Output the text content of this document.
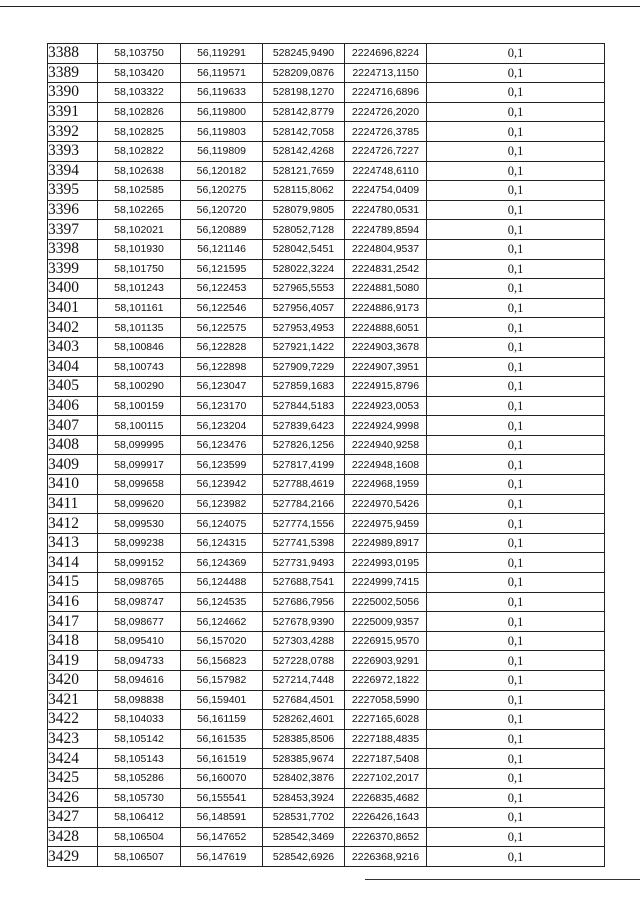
3388	58,103750	56,119291	528245,9490	2224696,8224	0,1
3389	58,103420	56,119571	528209,0876	2224713,1150	0,1
3390	58,103322	56,119633	528198,1270	2224716,6896	0,1
3391	58,102826	56,119800	528142,8779	2224726,2020	0,1
3392	58,102825	56,119803	528142,7058	2224726,3785	0,1
3393	58,102822	56,119809	528142,4268	2224726,7227	0,1
3394	58,102638	56,120182	528121,7659	2224748,6110	0,1
3395	58,102585	56,120275	528115,8062	2224754,0409	0,1
3396	58,102265	56,120720	528079,9805	2224780,0531	0,1
3397	58,102021	56,120889	528052,7128	2224789,8594	0,1
3398	58,101930	56,121146	528042,5451	2224804,9537	0,1
3399	58,101750	56,121595	528022,3224	2224831,2542	0,1
3400	58,101243	56,122453	527965,5553	2224881,5080	0,1
3401	58,101161	56,122546	527956,4057	2224886,9173	0,1
3402	58,101135	56,122575	527953,4953	2224888,6051	0,1
3403	58,100846	56,122828	527921,1422	2224903,3678	0,1
3404	58,100743	56,122898	527909,7229	2224907,3951	0,1
3405	58,100290	56,123047	527859,1683	2224915,8796	0,1
3406	58,100159	56,123170	527844,5183	2224923,0053	0,1
3407	58,100115	56,123204	527839,6423	2224924,9998	0,1
3408	58,099995	56,123476	527826,1256	2224940,9258	0,1
3409	58,099917	56,123599	527817,4199	2224948,1608	0,1
3410	58,099658	56,123942	527788,4619	2224968,1959	0,1
3411	58,099620	56,123982	527784,2166	2224970,5426	0,1
3412	58,099530	56,124075	527774,1556	2224975,9459	0,1
3413	58,099238	56,124315	527741,5398	2224989,8917	0,1
3414	58,099152	56,124369	527731,9493	2224993,0195	0,1
3415	58,098765	56,124488	527688,7541	2224999,7415	0,1
3416	58,098747	56,124535	527686,7956	2225002,5056	0,1
3417	58,098677	56,124662	527678,9390	2225009,9357	0,1
3418	58,095410	56,157020	527303,4288	2226915,9570	0,1
3419	58,094733	56,156823	527228,0788	2226903,9291	0,1
3420	58,094616	56,157982	527214,7448	2226972,1822	0,1
3421	58,098838	56,159401	527684,4501	2227058,5990	0,1
3422	58,104033	56,161159	528262,4601	2227165,6028	0,1
3423	58,105142	56,161535	528385,8506	2227188,4835	0,1
3424	58,105143	56,161519	528385,9674	2227187,5408	0,1
3425	58,105286	56,160070	528402,3876	2227102,2017	0,1
3426	58,105730	56,155541	528453,3924	2226835,4682	0,1
3427	58,106412	56,148591	528531,7702	2226426,1643	0,1
3428	58,106504	56,147652	528542,3469	2226370,8652	0,1
3429	58,106507	56,147619	528542,6926	2226368,9216	0,1
